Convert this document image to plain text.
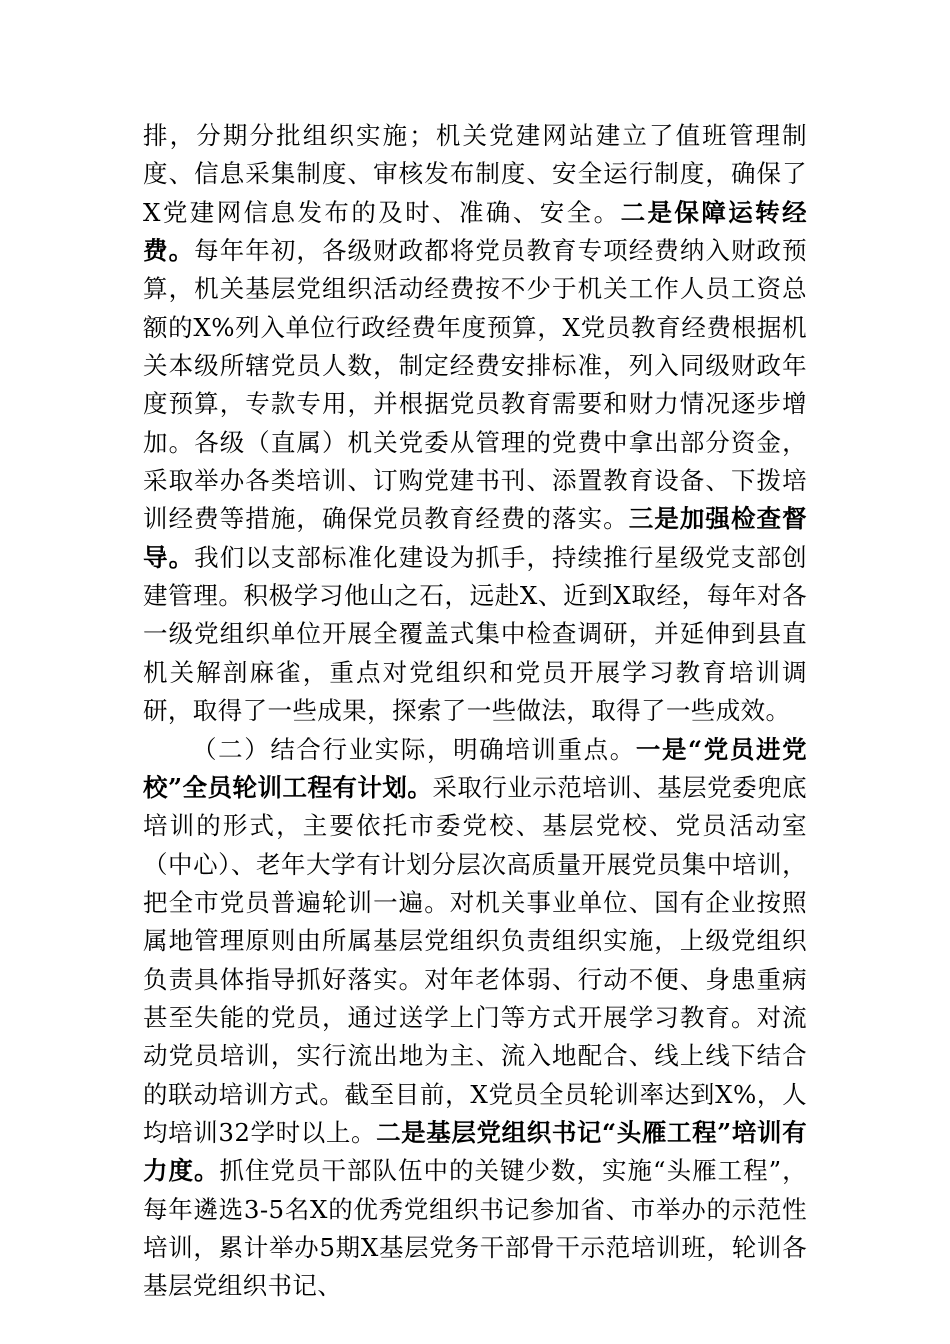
排，分期分批组织实施；机关党建网站建立了值班管理制度、信息采集制度、审核发布制度、安全运行制度，确保了X党建网信息发布的及时、准确、安全。二是保障运转经费。每年年初，各级财政都将党员教育专项经费纳入财政预算，机关基层党组织活动经费按不少于机关工作人员工资总额的X%列入单位行政经费年度预算，X党员教育经费根据机关本级所辖党员人数，制定经费安排标准，列入同级财政年度预算，专款专用，并根据党员教育需要和财力情况逐步增加。各级（直属）机关党委从管理的党费中拿出部分资金，采取举办各类培训、订购党建书刊、添置教育设备、下拨培训经费等措施，确保党员教育经费的落实。三是加强检查督导。我们以支部标准化建设为抓手，持续推行星级党支部创建管理。积极学习他山之石，远赴X、近到X取经，每年对各一级党组织单位开展全覆盖式集中检查调研，并延伸到县直机关解剖麻雀，重点对党组织和党员开展学习教育培训调研，取得了一些成果，探索了一些做法，取得了一些成效。

（二）结合行业实际，明确培训重点。一是“党员进党校”全员轮训工程有计划。采取行业示范培训、基层党委兜底培训的形式，主要依托市委党校、基层党校、党员活动室（中心）、老年大学有计划分层次高质量开展党员集中培训，把全市党员普遍轮训一遍。对机关事业单位、国有企业按照属地管理原则由所属基层党组织负责组织实施，上级党组织负责具体指导抓好落实。对年老体弱、行动不便、身患重病甚至失能的党员，通过送学上门等方式开展学习教育。对流动党员培训，实行流出地为主、流入地配合、线上线下结合的联动培训方式。截至目前，X党员全员轮训率达到X%，人均培训32学时以上。二是基层党组织书记“头雁工程”培训有力度。抓住党员干部队伍中的关键少数，实施“头雁工程”，每年遴选3-5名X的优秀党组织书记参加省、市举办的示范性培训，累计举办5期X基层党务干部骨干示范培训班，轮训各基层党组织书记、
